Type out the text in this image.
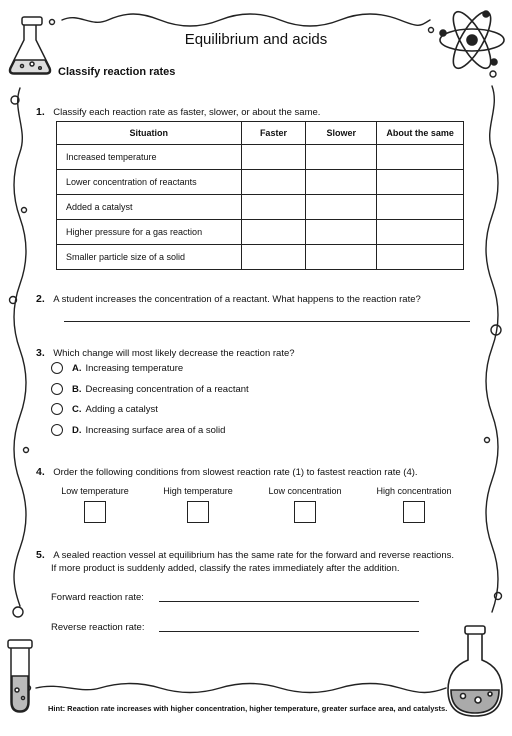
Equilibrium and acids
Classify reaction rates
1. Classify each reaction rate as faster, slower, or about the same.
Situation	Faster	Slower	About the same
Increased temperature			
Lower concentration of reactants			
Added a catalyst			
Higher pressure for a gas reaction			
Smaller particle size of a solid			
2. A student increases the concentration of a reactant. What happens to the reaction rate?
3. Which change will most likely decrease the reaction rate?
A. Increasing temperature
B. Decreasing concentration of a reactant
C. Adding a catalyst
D. Increasing surface area of a solid
4. Order the following conditions from slowest reaction rate (1) to fastest reaction rate (4).
Low temperature	High temperature	Low concentration	High concentration
5. A sealed reaction vessel at equilibrium has the same rate for the forward and reverse reactions.
If more product is suddenly added, classify the rates immediately after the addition.
Forward reaction rate:
Reverse reaction rate:
Hint: Reaction rate increases with higher concentration, higher temperature, greater surface area, and catalysts.
